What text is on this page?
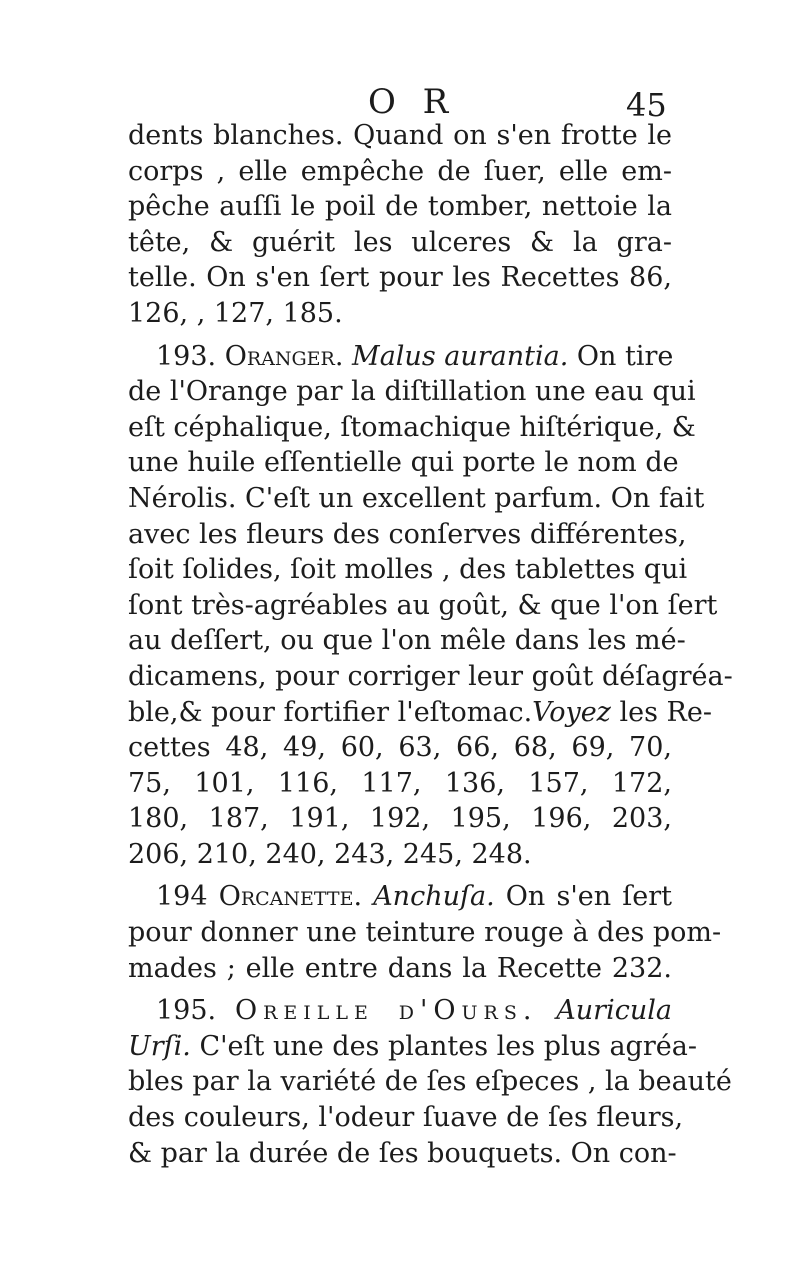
O R	45
dents blanches. Quand on s'en frotte le
corps , elle empêche de ſuer, elle em-
pêche auſſi le poil de tomber, nettoie la
tête, & guérit les ulceres & la gra-
telle. On s'en ſert pour les Recettes 86,
126, , 127, 185.
193. Oranger. Malus aurantia. On tire
de l'Orange par la diſtillation une eau qui
eſt céphalique, ſtomachique hiſtérique, &
une huile eſſentielle qui porte le nom de
Nérolis. C'eſt un excellent parfum. On fait
avec les fleurs des conſerves différentes,
ſoit ſolides, ſoit molles , des tablettes qui
ſont très-agréables au goût, & que l'on ſert
au deſſert, ou que l'on mêle dans les mé-
dicamens, pour corriger leur goût déſagréa-
ble,& pour fortifier l'eſtomac.Voyez les Re-
cettes 48, 49, 60, 63, 66, 68, 69, 70,
75, 101, 116, 117, 136, 157, 172,
180, 187, 191, 192, 195, 196, 203,
206, 210, 240, 243, 245, 248.
194 Orcanette. Anchuſa. On s'en ſert
pour donner une teinture rouge à des pom-
mades ; elle entre dans la Recette 232.
195. Oreille d'Ours. Auricula
Urſi. C'eſt une des plantes les plus agréa-
bles par la variété de ſes eſpeces , la beauté
des couleurs, l'odeur ſuave de ſes fleurs,
& par la durée de ſes bouquets. On con-
